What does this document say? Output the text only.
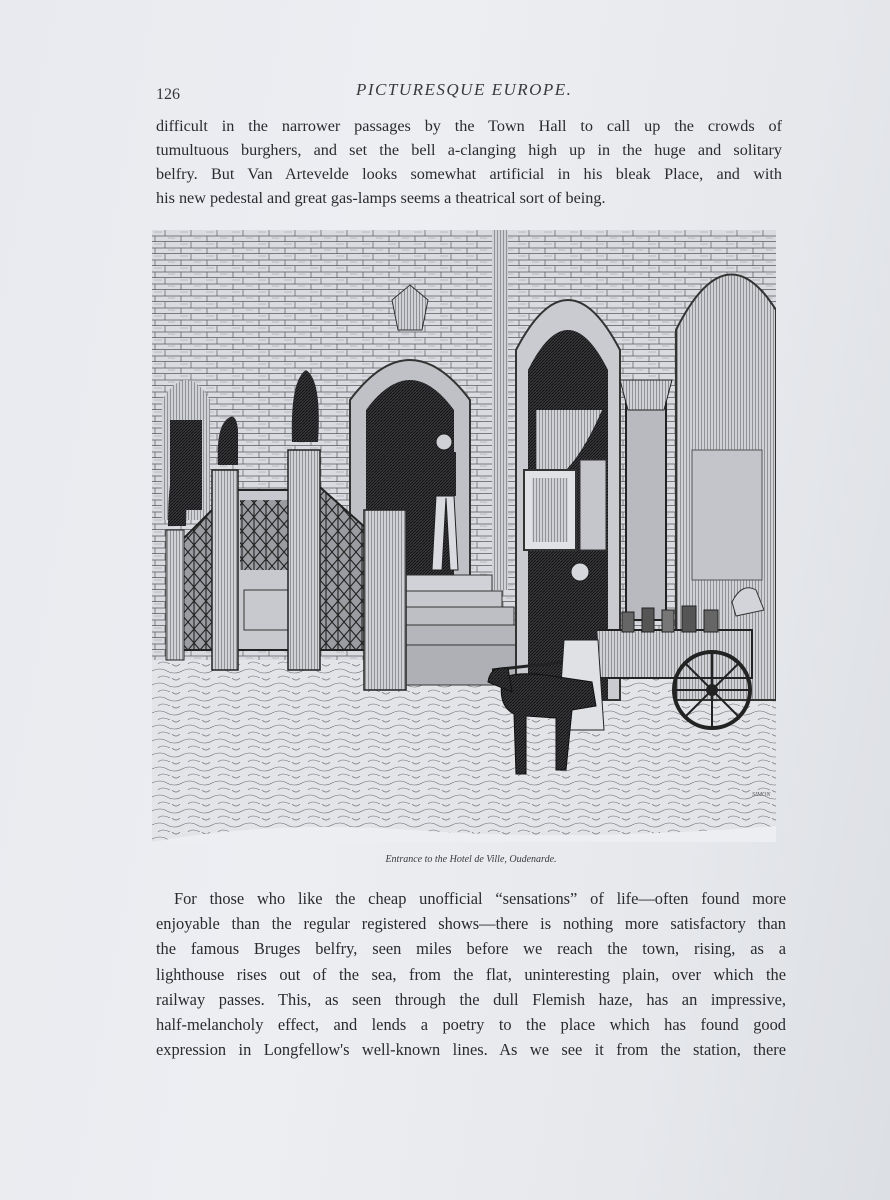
126	PICTURESQUE EUROPE.

difficult in the narrower passages by the Town Hall to call up the crowds of
tumultuous burghers, and set the bell a-clanging high up in the huge and solitary
belfry. But Van Artevelde looks somewhat artificial in his bleak Place, and with
his new pedestal and great gas-lamps seems a theatrical sort of being.

SIMON
Entrance to the Hotel de Ville, Oudenarde.

For those who like the cheap unofficial “sensations” of life—often found more
enjoyable than the regular registered shows—there is nothing more satisfactory than
the famous Bruges belfry, seen miles before we reach the town, rising, as a
lighthouse rises out of the sea, from the flat, uninteresting plain, over which the
railway passes. This, as seen through the dull Flemish haze, has an impressive,
half-melancholy effect, and lends a poetry to the place which has found good
expression in Longfellow's well-known lines. As we see it from the station, there
